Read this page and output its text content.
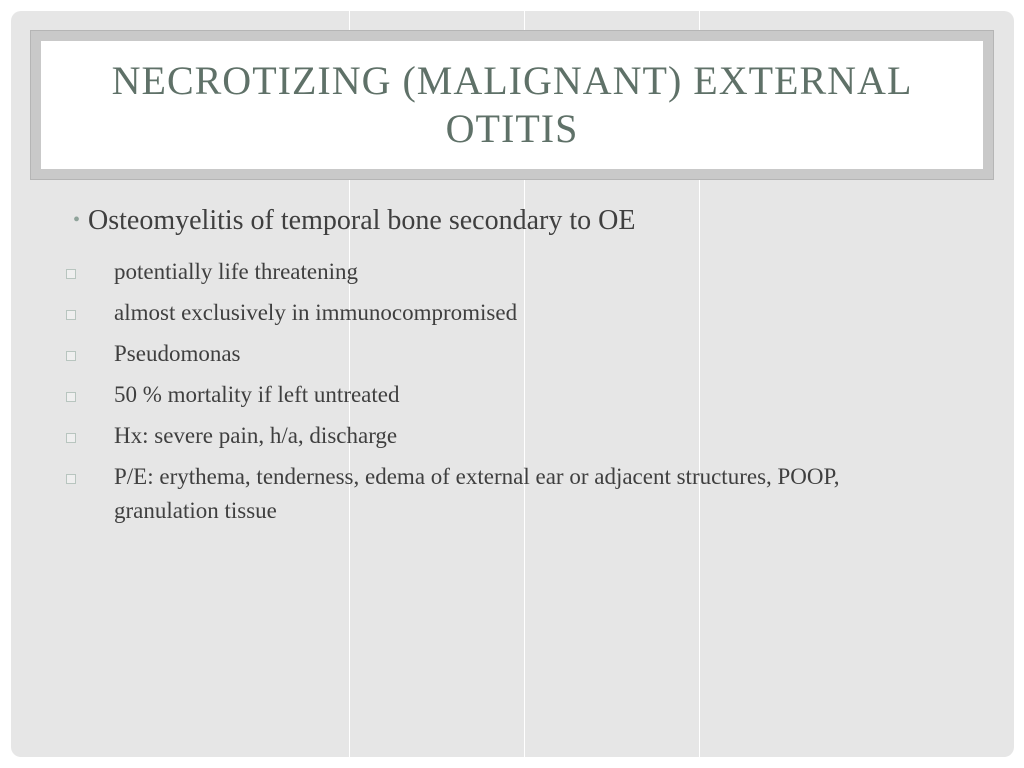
NECROTIZING (MALIGNANT) EXTERNAL OTITIS
• Osteomyelitis of temporal bone secondary to OE
potentially life threatening
almost exclusively in immunocompromised
Pseudomonas
50 % mortality if left untreated
Hx: severe pain, h/a, discharge
P/E: erythema, tenderness, edema of external ear or adjacent structures, POOP, granulation tissue
